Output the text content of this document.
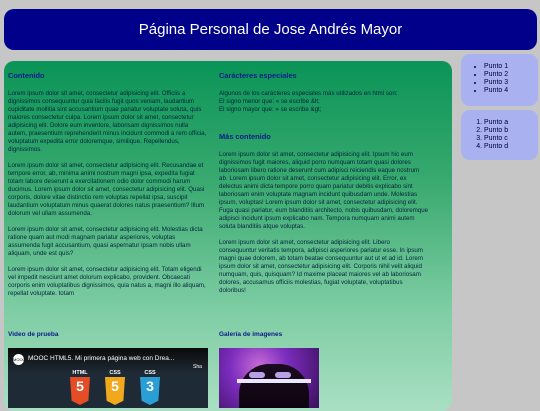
Página Personal de Jose Andrés Mayor
• Punto 1
• Punto 2
• Punto 3
• Punto 4
1. Punto a
2. Punto b
3. Punto c
4. Punto d
Contenido

Lorem ipsum dolor sit amet, consectetur adipisicing elit. Officiis a dignissimos consequuntur quia facilis fugit quos veniam, laudantium cupiditate mollitia sint accusantium quae pariatur voluptate soluta, quis maiores consectetur culpa. Lorem ipsum dolor sit amet, consectetur adipisicing elit. Dolore eum inventore, laborisam dignissimos nulla autem, praesentium reprehenderit minus incidunt commodi a rem officia, voluptatum expedita error doloremque, similique. Repellendus, dignissimos.

Lorem ipsum dolor sit amet, consectetur adipisicing elit. Recusandae et tempore error, ab, minima animi nostrum magni ipsa, expedita fugiat totam labore deserunt a exercitationem odio dolor commodi harum ducimus. Lorem ipsum dolor sit amet, consectetur adipisicing elit. Quasi corporis, dolore vitae distinctio rem voluptas repellat ipsa, suscipit laudantium voluptatum minus quaerat dolores natus praesentium? Illum dolorum vel ullam assumenda.

Lorem ipsum dolor sit amet, consectetur adipisicing elit. Molestias dicta ratione quam aut modi magnam pariatur asperiores, voluptas assumenda fugit accusantium, quasi aspernatur ipsam nobis ullam aliquam, unde est quis?

Lorem ipsum dolor sit amet, consectetur adipisicing elit. Totam eligendi vel impedit nesciunt amet dolorum explicabo, provident. Obcaecati corporis enim voluptatibus dignissimos, quia natus a, magni illo aliquam, repellat voluptate. totam

Carácteres especiales
Algunos de los carácteres especiales más utilizados en html son:
El signo menor que: « se escribe &lt;
El signo mayor que: » se escribe &gt;
Más contenido

Lorem ipsum dolor sit amet, consectetur adipisicing elit. Ipsum hic eum dignissimos fugit maiores, aliquid porro numquam totam quasi dolores laboriosam libero ratione deserunt cum adipisci reiciendis eaque nostrum ab. Lorem ipsum dolor sit amet, consectetur adipisicing elit. Error, ex delectus animi dicta tempore porro quam pariatur debitis explicabo sint laboriosam enim voluptate magnam incidunt quibusdam unde. Molestias ipsum, voluptas! Lorem ipsum dolor sit amet, consectetur adipisicing elit. Fuga quasi pariatur, eum blanditiis architecto, nobis quibusdam, doloremque adipisci incidunt ipsum explicabo nam. Tempora numquam animi autem soluta blanditiis atque voluptas.

Lorem ipsum dolor sit amet, consectetur adipisicing elit. Libero consequuntur veritatis tempora, adipisci asperiores pariatur esse. In ipsum magni quae dolorem, ab totam beatae consequuntur aut ut et ad id. Lorem ipsum dolor sit amet, consectetur adipisicing elit. Corporis nihil velit aliquid numquam, quis, quisquam? Id maxime placeat maiores vel ab laboriosam dolores, accusamus officiis molestias, fugiat voluptate, voluptatibus doloribus!

Video de prueba	Galería de imagenes
MOOC MOOC HTML5. Mi primera página web con Drea...
Sha
HTML
5
CSS
5
CSS
3
